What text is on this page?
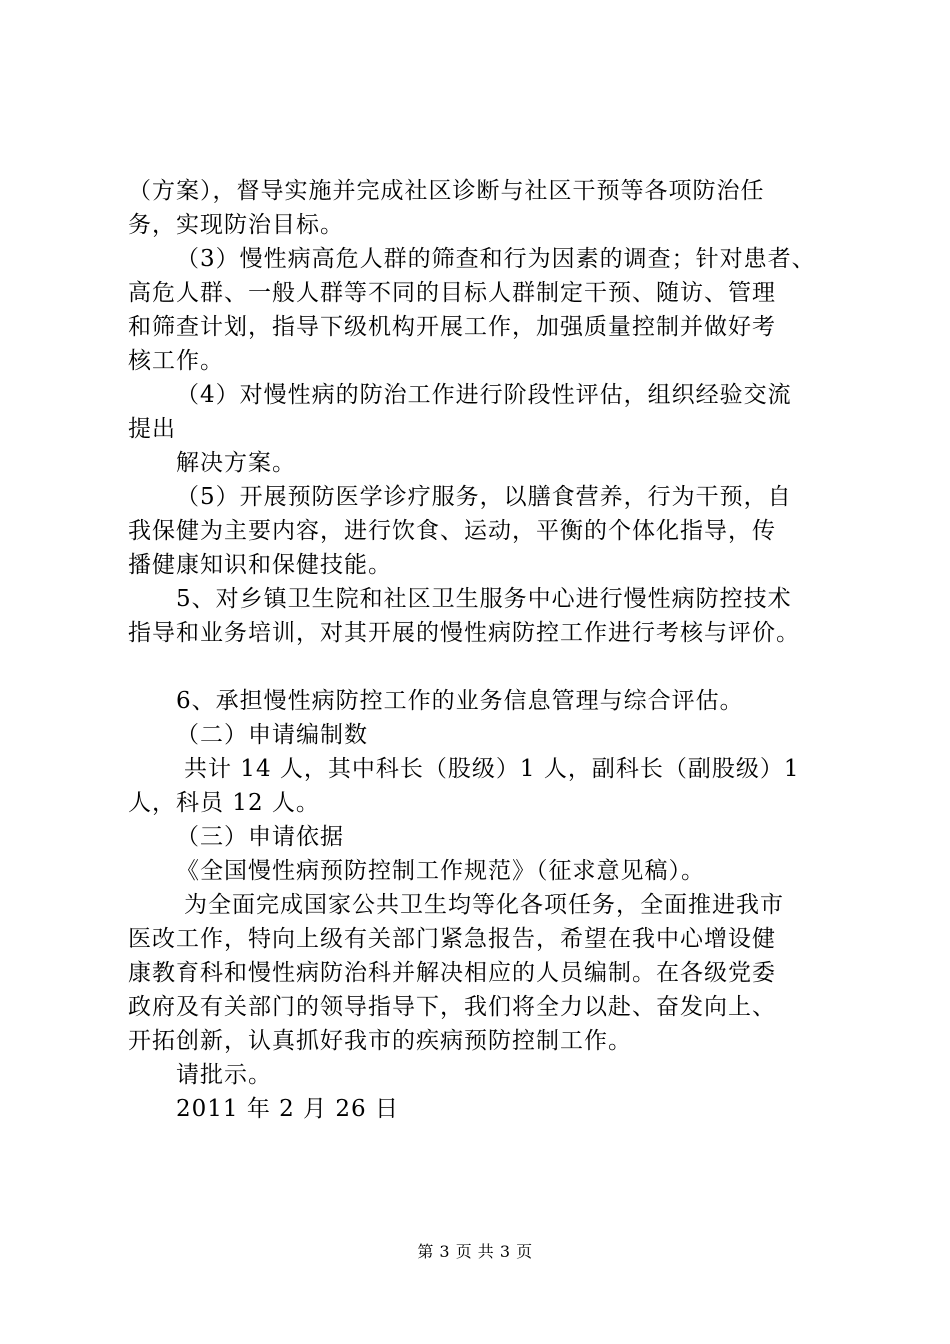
（方案），督导实施并完成社区诊断与社区干预等各项防治任
务，实现防治目标。
（3）慢性病高危人群的筛查和行为因素的调查；针对患者、
高危人群、一般人群等不同的目标人群制定干预、随访、管理
和筛查计划，指导下级机构开展工作，加强质量控制并做好考
核工作。
（4）对慢性病的防治工作进行阶段性评估，组织经验交流
提出
解决方案。
（5）开展预防医学诊疗服务，以膳食营养，行为干预，自
我保健为主要内容，进行饮食、运动，平衡的个体化指导，传
播健康知识和保健技能。
5、对乡镇卫生院和社区卫生服务中心进行慢性病防控技术
指导和业务培训，对其开展的慢性病防控工作进行考核与评价。
6、承担慢性病防控工作的业务信息管理与综合评估。
（二）申请编制数
共计 14 人，其中科长（股级）1 人，副科长（副股级）1
人，科员 12 人。
（三）申请依据
《全国慢性病预防控制工作规范》（征求意见稿）。
为全面完成国家公共卫生均等化各项任务，全面推进我市
医改工作，特向上级有关部门紧急报告，希望在我中心增设健
康教育科和慢性病防治科并解决相应的人员编制。在各级党委
政府及有关部门的领导指导下，我们将全力以赴、奋发向上、
开拓创新，认真抓好我市的疾病预防控制工作。
请批示。
2011 年 2 月 26 日
第 3 页 共 3 页
